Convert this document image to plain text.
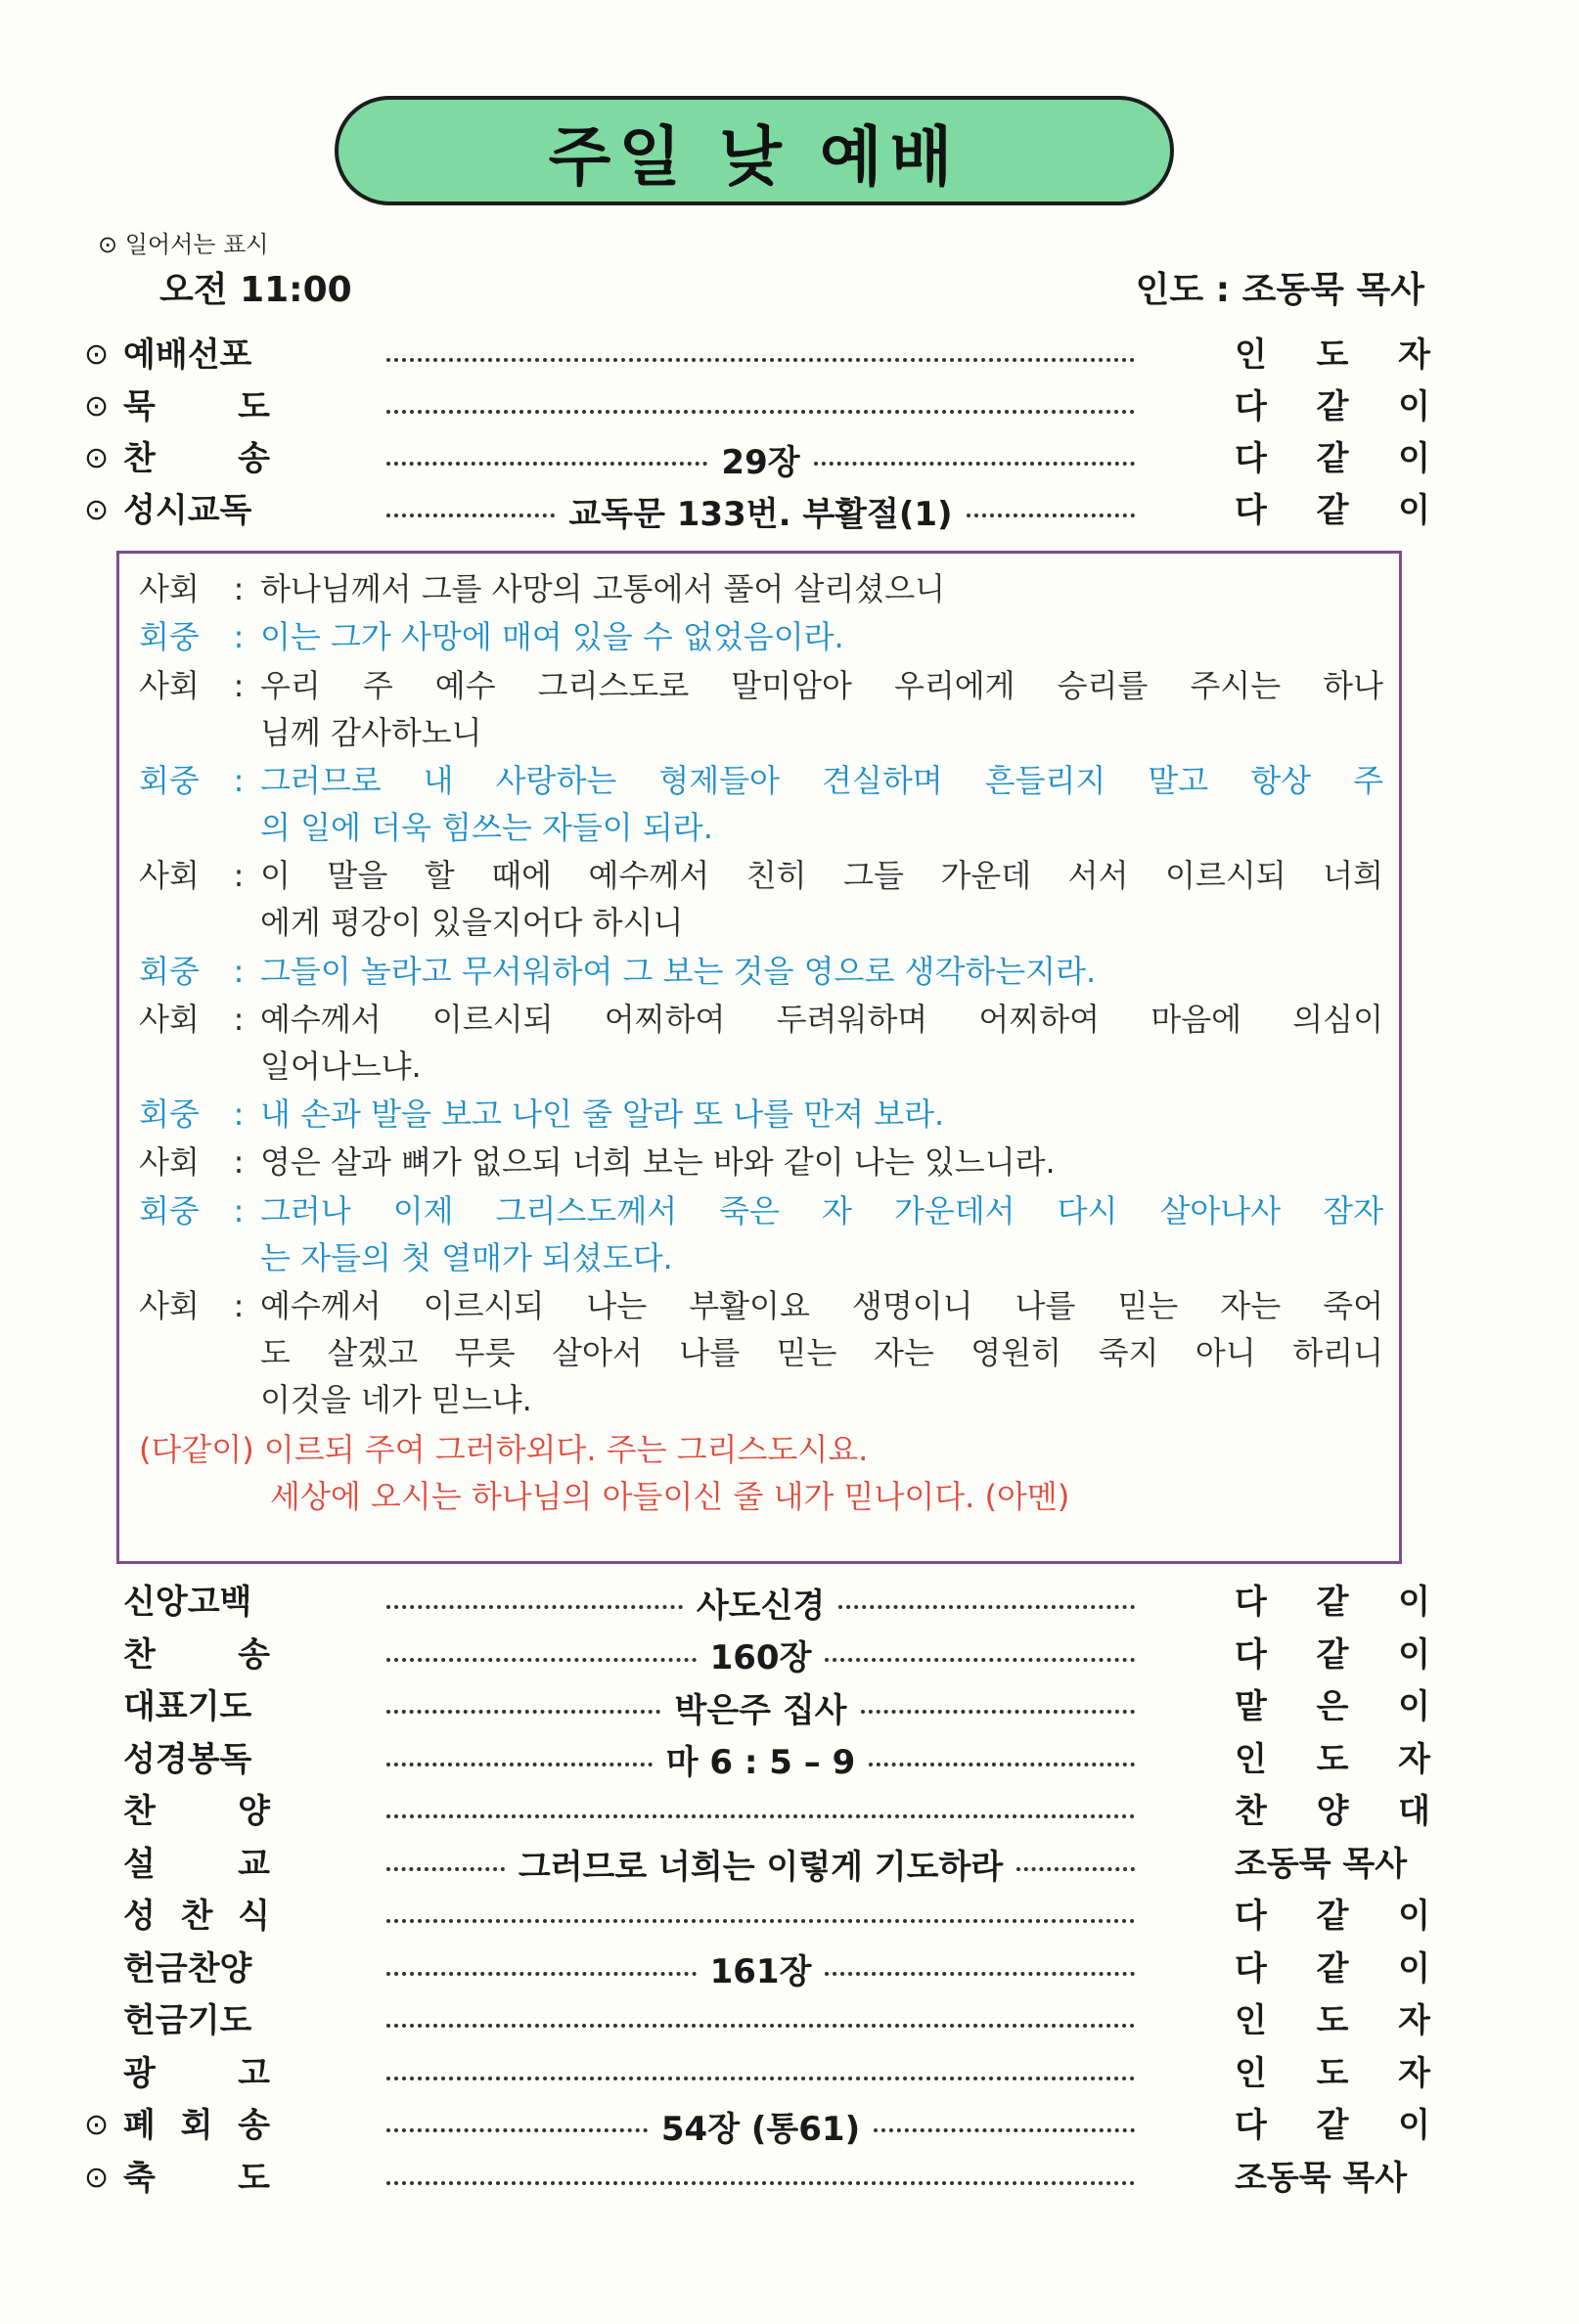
주일 낮 예배
⊙ 일어서는 표시
오전 11:00	인도 : 조동묵 목사
⊙ 예배선포	인 도 자
⊙ 묵 도	다 같 이
⊙ 찬 송	29장	다 같 이
⊙ 성시교독	교독문 133번. 부활절(1)	다 같 이
사회	: 하나님께서 그를 사망의 고통에서 풀어 살리셨으니
회중	: 이는 그가 사망에 매여 있을 수 없었음이라.
사회	: 우리 주 예수 그리스도로 말미암아 우리에게 승리를 주시는 하나
님께 감사하노니
회중	: 그러므로 내 사랑하는 형제들아 견실하며 흔들리지 말고 항상 주
의 일에 더욱 힘쓰는 자들이 되라.
사회	: 이 말을 할 때에 예수께서 친히 그들 가운데 서서 이르시되 너희
에게 평강이 있을지어다 하시니
회중	: 그들이 놀라고 무서워하여 그 보는 것을 영으로 생각하는지라.
사회	: 예수께서 이르시되 어찌하여 두려워하며 어찌하여 마음에 의심이
일어나느냐.
회중	: 내 손과 발을 보고 나인 줄 알라 또 나를 만져 보라.
사회	: 영은 살과 뼈가 없으되 너희 보는 바와 같이 나는 있느니라.
회중	: 그러나 이제 그리스도께서 죽은 자 가운데서 다시 살아나사 잠자
는 자들의 첫 열매가 되셨도다.
사회	: 예수께서 이르시되 나는 부활이요 생명이니 나를 믿는 자는 죽어
도 살겠고 무릇 살아서 나를 믿는 자는 영원히 죽지 아니 하리니
이것을 네가 믿느냐.
(다같이) 이르되 주여 그러하외다. 주는 그리스도시요.
세상에 오시는 하나님의 아들이신 줄 내가 믿나이다. (아멘)
신앙고백	사도신경	다 같 이
찬 송	160장	다 같 이
대표기도	박은주 집사	맡 은 이
성경봉독	마 6 : 5 – 9	인 도 자
찬 양	찬 양 대
설 교	그러므로 너희는 이렇게 기도하라	조동묵 목사
성 찬 식	다 같 이
헌금찬양	161장	다 같 이
헌금기도	인 도 자
광 고	인 도 자
⊙ 폐 회 송	54장 (통61)	다 같 이
⊙ 축 도	조동묵 목사
